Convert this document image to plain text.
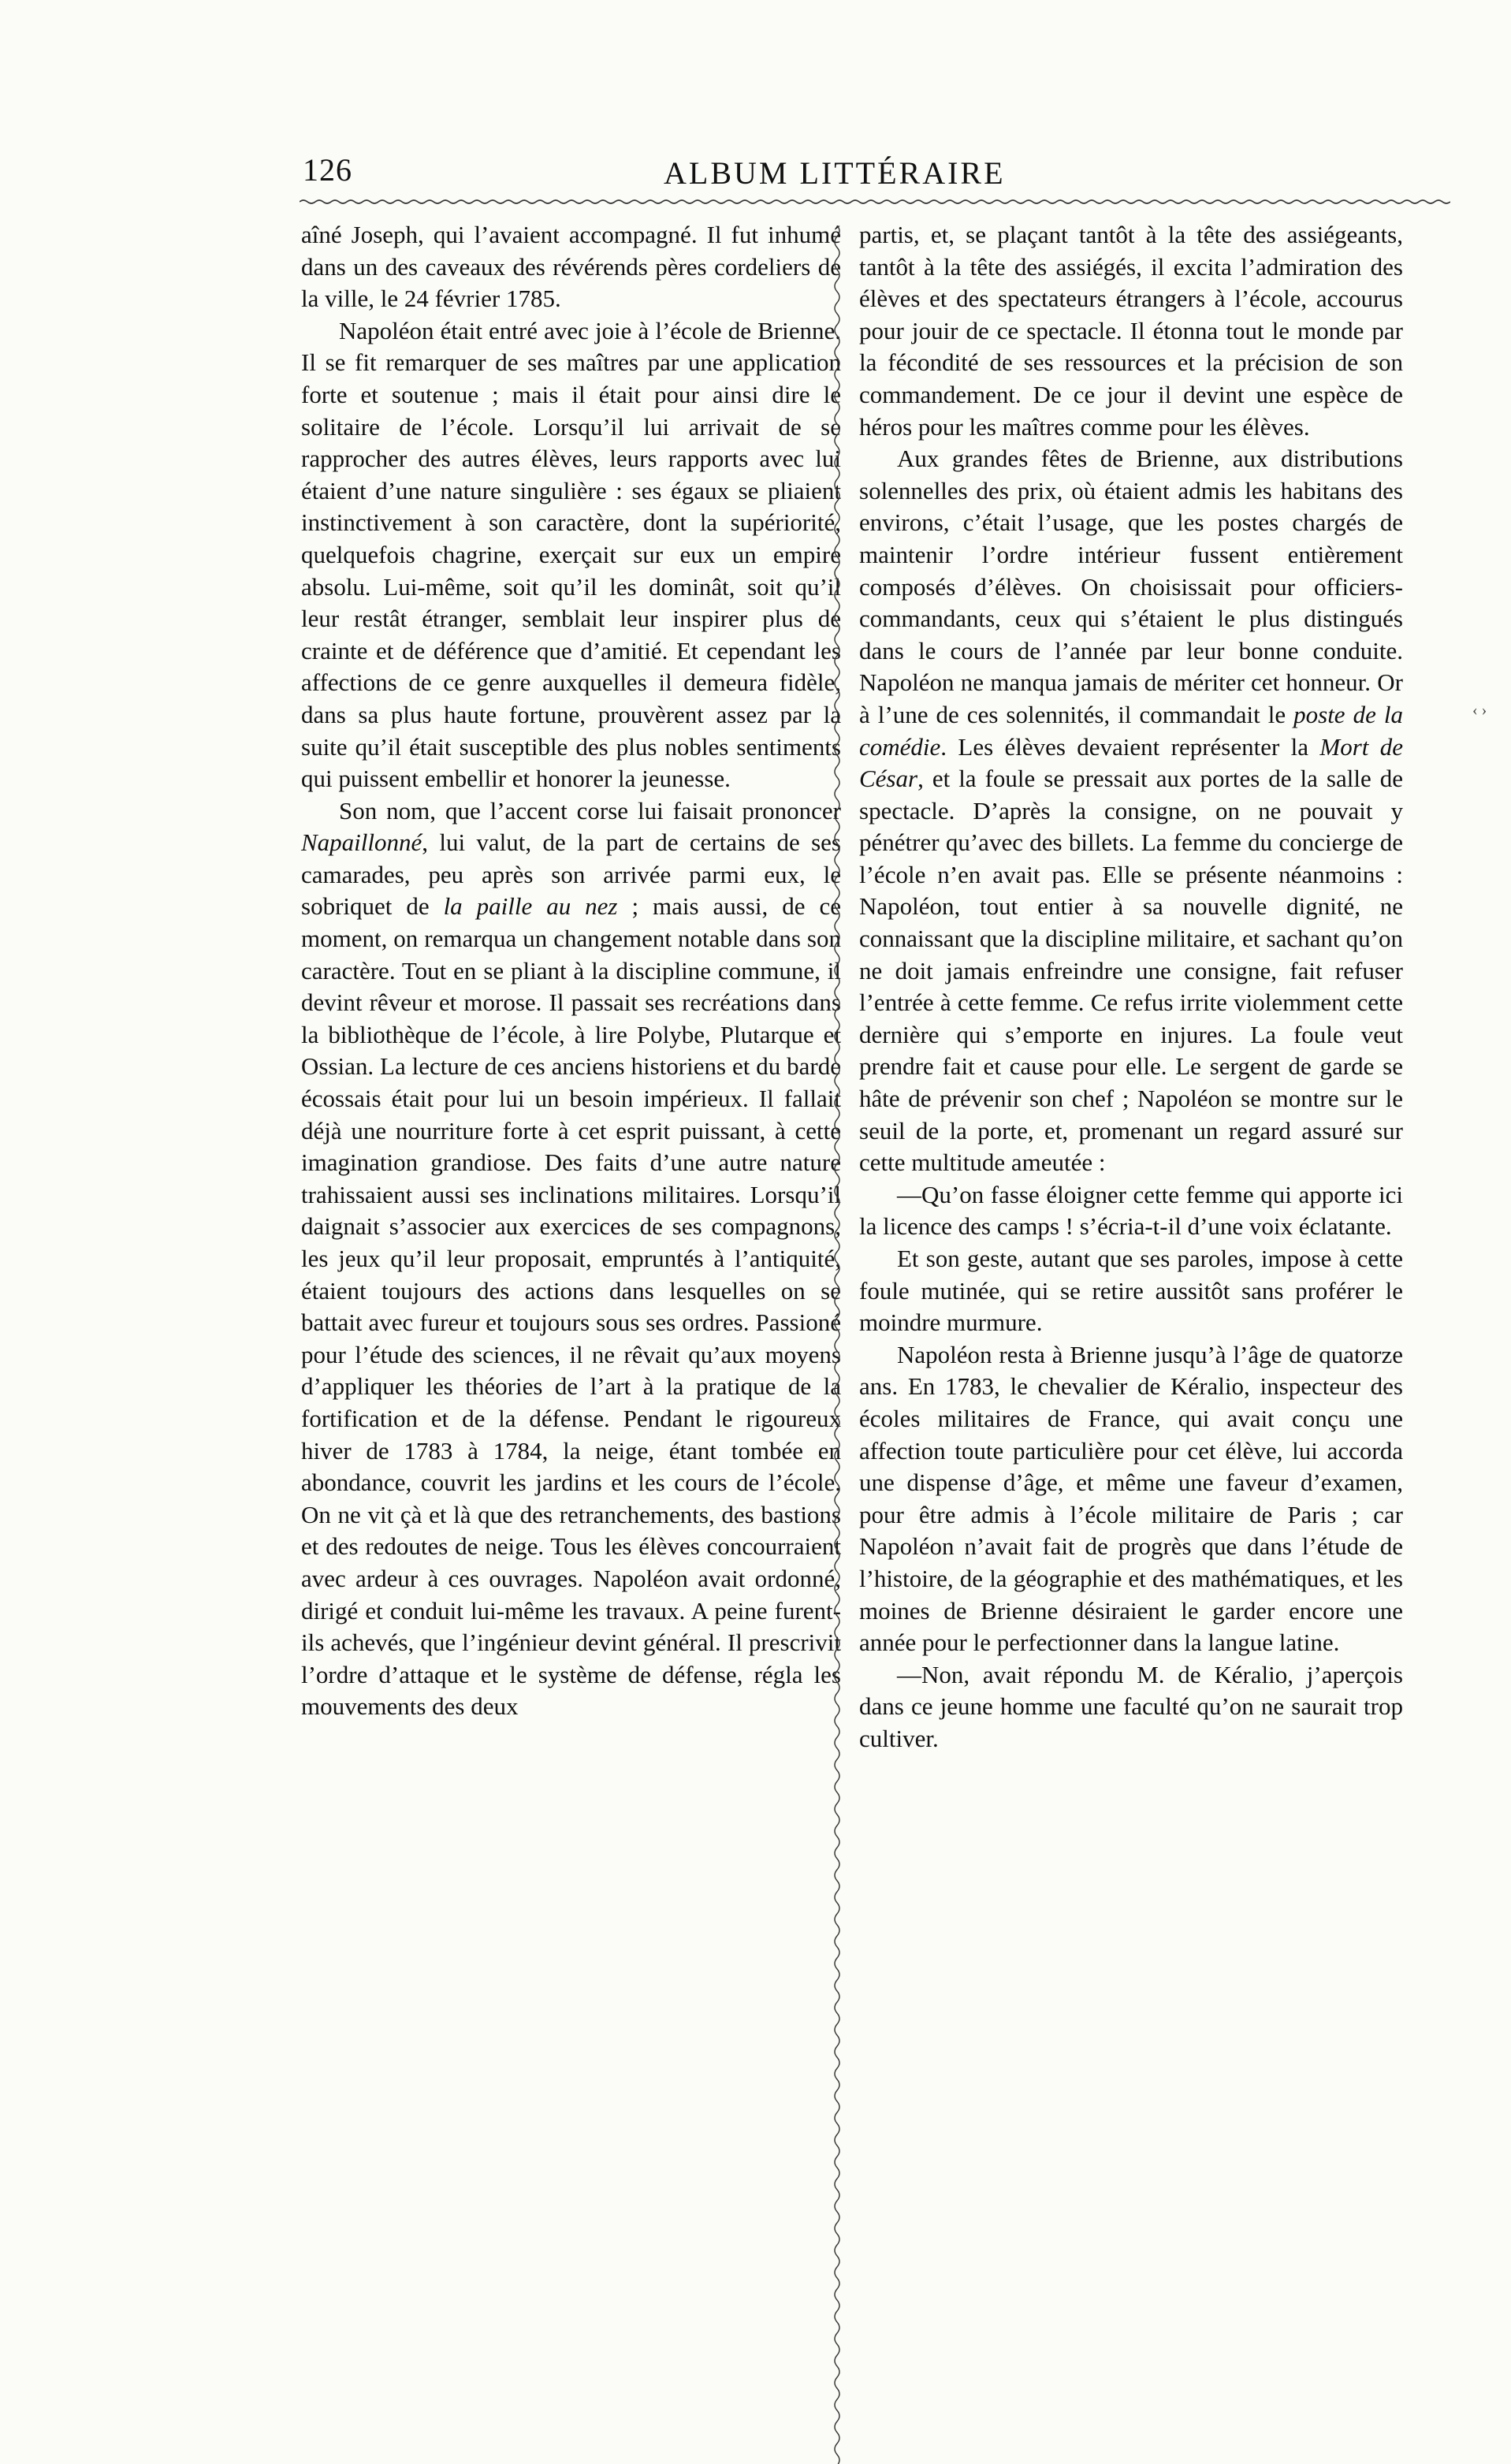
126	ALBUM LITTÉRAIRE

aîné Joseph, qui l’avaient accompagné. Il fut inhumé dans un des caveaux des révérends pères cordeliers de la ville, le 24 février 1785.

Napoléon était entré avec joie à l’école de Brienne. Il se fit remarquer de ses maîtres par une application forte et soutenue ; mais il était pour ainsi dire le solitaire de l’école. Lorsqu’il lui arrivait de se rapprocher des autres élèves, leurs rapports avec lui étaient d’une nature singulière : ses égaux se pliaient instinctivement à son caractère, dont la supériorité, quelquefois chagrine, exerçait sur eux un empire absolu. Lui-même, soit qu’il les dominât, soit qu’il leur restât étranger, semblait leur inspirer plus de crainte et de déférence que d’amitié. Et cependant les affections de ce genre auxquelles il demeura fidèle, dans sa plus haute fortune, prouvèrent assez par la suite qu’il était susceptible des plus nobles sentiments qui puissent embellir et honorer la jeunesse.

Son nom, que l’accent corse lui faisait prononcer Napaillonné, lui valut, de la part de certains de ses camarades, peu après son arrivée parmi eux, le sobriquet de la paille au nez ; mais aussi, de ce moment, on remarqua un changement notable dans son caractère. Tout en se pliant à la discipline commune, il devint rêveur et morose. Il passait ses recréations dans la bibliothèque de l’école, à lire Polybe, Plutarque et Ossian. La lecture de ces anciens historiens et du barde écossais était pour lui un besoin impérieux. Il fallait déjà une nourriture forte à cet esprit puissant, à cette imagination grandiose. Des faits d’une autre nature trahissaient aussi ses inclinations militaires. Lorsqu’il daignait s’associer aux exercices de ses compagnons, les jeux qu’il leur proposait, empruntés à l’antiquité, étaient toujours des actions dans lesquelles on se battait avec fureur et toujours sous ses ordres. Passioné pour l’étude des sciences, il ne rêvait qu’aux moyens d’appliquer les théories de l’art à la pratique de la fortification et de la défense. Pendant le rigoureux hiver de 1783 à 1784, la neige, étant tombée en abondance, couvrit les jardins et les cours de l’école. On ne vit çà et là que des retranchements, des bastions et des redoutes de neige. Tous les élèves concourraient avec ardeur à ces ouvrages. Napoléon avait ordonné, dirigé et conduit lui-même les travaux. A peine furent-ils achevés, que l’ingénieur devint général. Il prescrivit l’ordre d’attaque et le système de défense, régla les mouvements des deux

partis, et, se plaçant tantôt à la tête des assiégeants, tantôt à la tête des assiégés, il excita l’admiration des élèves et des spectateurs étrangers à l’école, accourus pour jouir de ce spectacle. Il étonna tout le monde par la fécondité de ses ressources et la précision de son commandement. De ce jour il devint une espèce de héros pour les maîtres comme pour les élèves.

Aux grandes fêtes de Brienne, aux distributions solennelles des prix, où étaient admis les habitans des environs, c’était l’usage, que les postes chargés de maintenir l’ordre intérieur fussent entièrement composés d’élèves. On choisissait pour officiers-commandants, ceux qui s’étaient le plus distingués dans le cours de l’année par leur bonne conduite. Napoléon ne manqua jamais de mériter cet honneur. Or à l’une de ces solennités, il commandait le poste de la comédie. Les élèves devaient représenter la Mort de César, et la foule se pressait aux portes de la salle de spectacle. D’après la consigne, on ne pouvait y pénétrer qu’avec des billets. La femme du concierge de l’école n’en avait pas. Elle se présente néanmoins : Napoléon, tout entier à sa nouvelle dignité, ne connaissant que la discipline militaire, et sachant qu’on ne doit jamais enfreindre une consigne, fait refuser l’entrée à cette femme. Ce refus irrite violemment cette dernière qui s’emporte en injures. La foule veut prendre fait et cause pour elle. Le sergent de garde se hâte de prévenir son chef ; Napoléon se montre sur le seuil de la porte, et, promenant un regard assuré sur cette multitude ameutée :

—Qu’on fasse éloigner cette femme qui apporte ici la licence des camps ! s’écria-t-il d’une voix éclatante.

Et son geste, autant que ses paroles, impose à cette foule mutinée, qui se retire aussitôt sans proférer le moindre murmure.

Napoléon resta à Brienne jusqu’à l’âge de quatorze ans. En 1783, le chevalier de Kéralio, inspecteur des écoles militaires de France, qui avait conçu une affection toute particulière pour cet élève, lui accorda une dispense d’âge, et même une faveur d’examen, pour être admis à l’école militaire de Paris ; car Napoléon n’avait fait de progrès que dans l’étude de l’histoire, de la géographie et des mathématiques, et les moines de Brienne désiraient le garder encore une année pour le perfectionner dans la langue latine.

—Non, avait répondu M. de Kéralio, j’aperçois dans ce jeune homme une faculté qu’on ne saurait trop cultiver.

‹ ›
